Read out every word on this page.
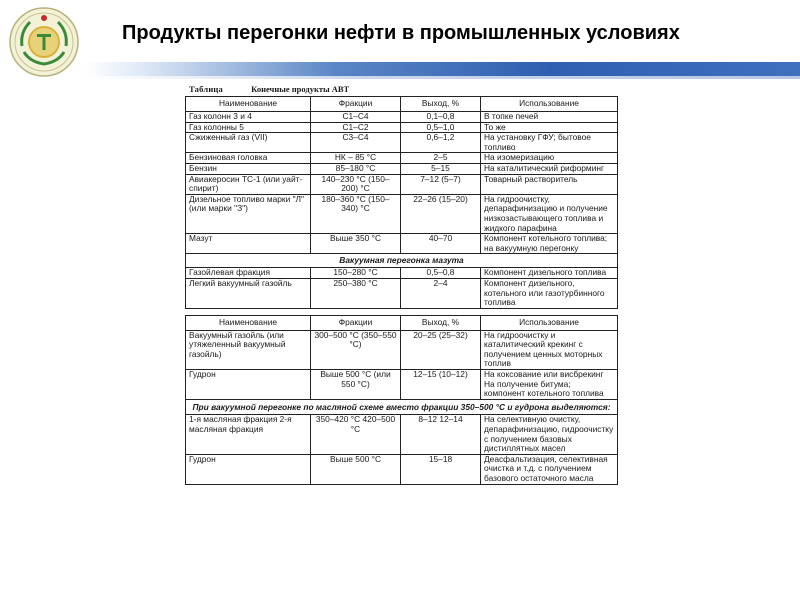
Продукты перегонки нефти в промышленных условиях
Таблица	Конечные продукты АВТ
Наименование	Фракции	Выход, %	Использование
Газ колонн 3 и 4	C1–C4	0,1–0,8	В топке печей
Газ колонны 5	C1–C2	0,5–1,0	То же
Сжиженный газ (VII)	C3–C4	0,6–1,2	На установку ГФУ; бытовое топливо
Бензиновая головка	НК – 85 °С	2–5	На изомеризацию
Бензин	85–180 °С	5–15	На каталитический риформинг
Авиакеросин ТС-1 (или уайт-спирит)	140–230 °С (150–200) °С	7–12 (5–7)	Товарный растворитель
Дизельное топливо марки "Л" (или марки "З")	180–360 °С (150–340) °С	22–26 (15–20)	На гидроочистку, депарафинизацию и получение низкозастывающего топлива и жидкого парафина
Мазут	Выше 350 °С	40–70	Компонент котельного топлива; на вакуумную перегонку
Вакуумная перегонка мазута			
Газойлевая фракция	150–280 °С	0,5–0,8	Компонент дизельного топлива
Легкий вакуумный газойль	250–380 °С	2–4	Компонент дизельного, котельного или газотурбинного топлива
Наименование	Фракции	Выход, %	Использование
Вакуумный газойль (или утяжеленный вакуумный газойль)	300–500 °С (350–550 °С)	20–25 (25–32)	На гидроочистку и каталитический крекинг с получением ценных моторных топлив
Гудрон	Выше 500 °С (или 550 °С)	12–15 (10–12)	На коксование или висбрекинг На получение битума; компонент котельного топлива
При вакуумной перегонке по масляной схеме вместо фракции 350–500 °С и гудрона выделяются:			
1-я масляная фракция 2-я масляная фракция	350–420 °С 420–500 °С	8–12 12–14	На селективную очистку, депарафинизацию, гидроочистку с получением базовых дистиллятных масел
Гудрон	Выше 500 °С	15–18	Деасфальтизация, селективная очистка и т.д. с получением базового остаточного масла
